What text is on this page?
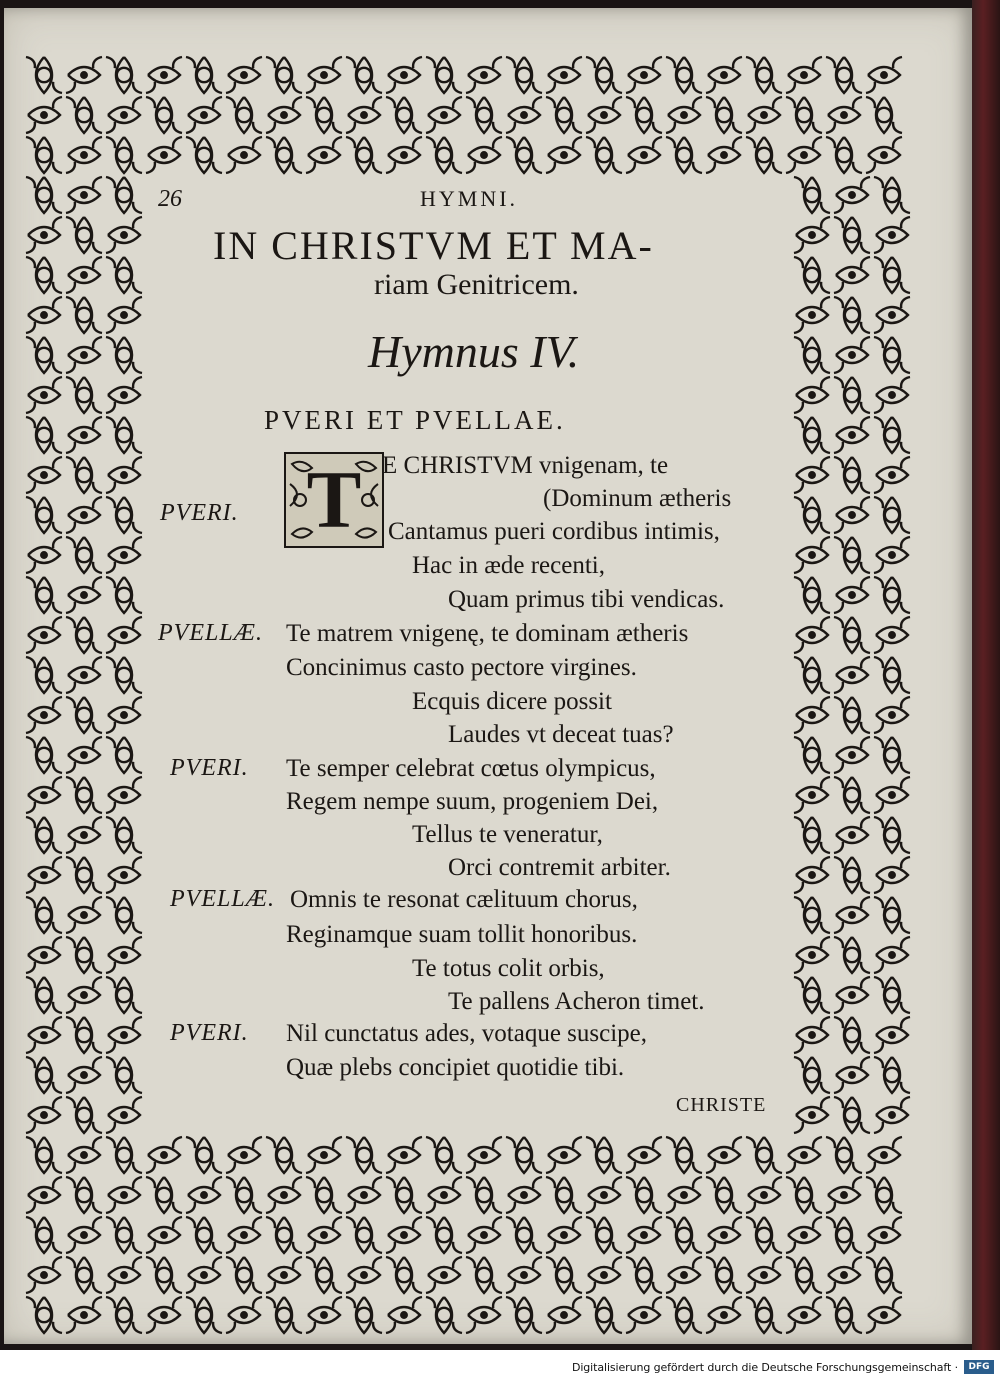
26	HYMNI.
IN CHRISTVM ET MA-
riam Genitricem.
Hymnus IV.
PVERI ET PVELLAE.
T
PVERI.
PVELLÆ.
PVERI.
PVELLÆ.
PVERI.
E CHRISTVM vnigenam, te
(Dominum ætheris
Cantamus pueri cordibus intimis,
Hac in æde recenti,
Quam primus tibi vendicas.
Te matrem vnigenę, te dominam ætheris
Concinimus casto pectore virgines.
Ecquis dicere possit
Laudes vt deceat tuas?
Te semper celebrat cœtus olympicus,
Regem nempe suum, progeniem Dei,
Tellus te veneratur,
Orci contremit arbiter.
Omnis te resonat cælituum chorus,
Reginamque suam tollit honoribus.
Te totus colit orbis,
Te pallens Acheron timet.
Nil cunctatus ades, votaque suscipe,
Quæ plebs concipiet quotidie tibi.
CHRISTE
Digitalisierung gefördert durch die Deutsche Forschungsgemeinschaft ·	DFG
